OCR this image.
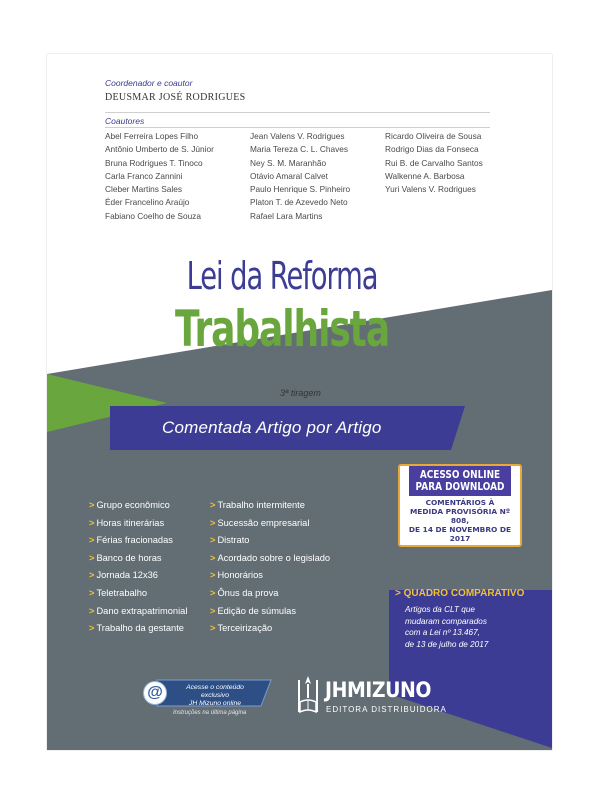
Coordenador e coautor
DEUSMAR JOSÉ RODRIGUES
Coautores
Abel Ferreira Lopes Filho
Antônio Umberto de S. Júnior
Bruna Rodrigues T. Tinoco
Carla Franco Zannini
Cleber Martins Sales
Éder Francelino Araújo
Fabiano Coelho de Souza
Jean Valens V. Rodrigues
Maria Tereza C. L. Chaves
Ney S. M. Maranhão
Otávio Amaral Calvet
Paulo Henrique S. Pinheiro
Platon T. de Azevedo Neto
Rafael Lara Martins
Ricardo Oliveira de Sousa
Rodrigo Dias da Fonseca
Rui B. de Carvalho Santos
Walkenne A. Barbosa
Yuri Valens V. Rodrigues
Lei da Reforma
Trabalhista
3ª tiragem
Comentada Artigo por Artigo
> Grupo econômico
> Horas itinerárias
> Férias fracionadas
> Banco de horas
> Jornada 12x36
> Teletrabalho
> Dano extrapatrimonial
> Trabalho da gestante
> Trabalho intermitente
> Sucessão empresarial
> Distrato
> Acordado sobre o legislado
> Honorários
> Ônus da prova
> Edição de súmulas
> Terceirização
ACESSO ONLINE
PARA DOWNLOAD
COMENTÁRIOS À
MEDIDA PROVISÓRIA Nº 808,
DE 14 DE NOVEMBRO DE 2017
> QUADRO COMPARATIVO
Artigos da CLT que
mudaram comparados
com a Lei nº 13.467,
de 13 de julho de 2017
@	Acesse o conteúdo exclusivo
JH Mizuno online
Instruções na última página
JHMIZUNO
EDITORA DISTRIBUIDORA
